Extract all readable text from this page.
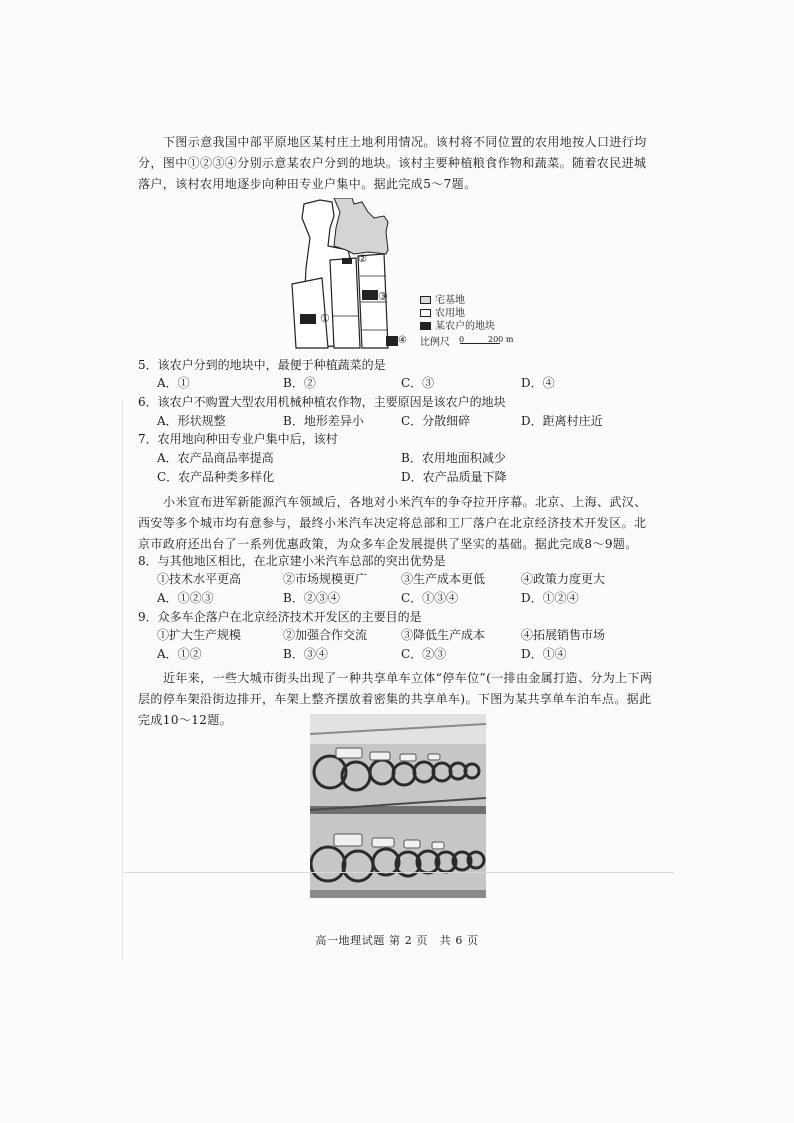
下图示意我国中部平原地区某村庄土地利用情况。该村将不同位置的农用地按人口进行均分，图中①②③④分别示意某农户分到的地块。该村主要种植粮食作物和蔬菜。随着农民进城落户，该村农用地逐步向种田专业户集中。据此完成5～7题。

①
②
③
④
宅基地
农用地
某农户的地块
比例尺 0	200 m

5．该农户分到的地块中，最便于种植蔬菜的是

A．①	B．②	C．③	D．④

6．该农户不购置大型农用机械种植农作物，主要原因是该农户的地块

A．形状规整	B．地形差异小	C．分散细碎	D．距离村庄近

7．农用地向种田专业户集中后，该村

A．农产品商品率提高	B．农用地面积减少
C．农产品种类多样化	D．农产品质量下降

小米宣布进军新能源汽车领域后，各地对小米汽车的争夺拉开序幕。北京、上海、武汉、西安等多个城市均有意参与，最终小米汽车决定将总部和工厂落户在北京经济技术开发区。北京市政府还出台了一系列优惠政策，为众多车企发展提供了坚实的基础。据此完成8～9题。

8．与其他地区相比，在北京建小米汽车总部的突出优势是

①技术水平更高	②市场规模更广	③生产成本更低	④政策力度更大
A．①②③	B．②③④	C．①③④	D．①②④

9．众多车企落户在北京经济技术开发区的主要目的是

①扩大生产规模	②加强合作交流	③降低生产成本	④拓展销售市场
A．①②	B．③④	C．②③	D．①④

近年来，一些大城市街头出现了一种共享单车立体“停车位”(一排由金属打造、分为上下两层的停车架沿街边排开，车架上整齐摆放着密集的共享单车)。下图为某共享单车泊车点。据此完成10～12题。

高一地理试题 第 2 页　共 6 页
